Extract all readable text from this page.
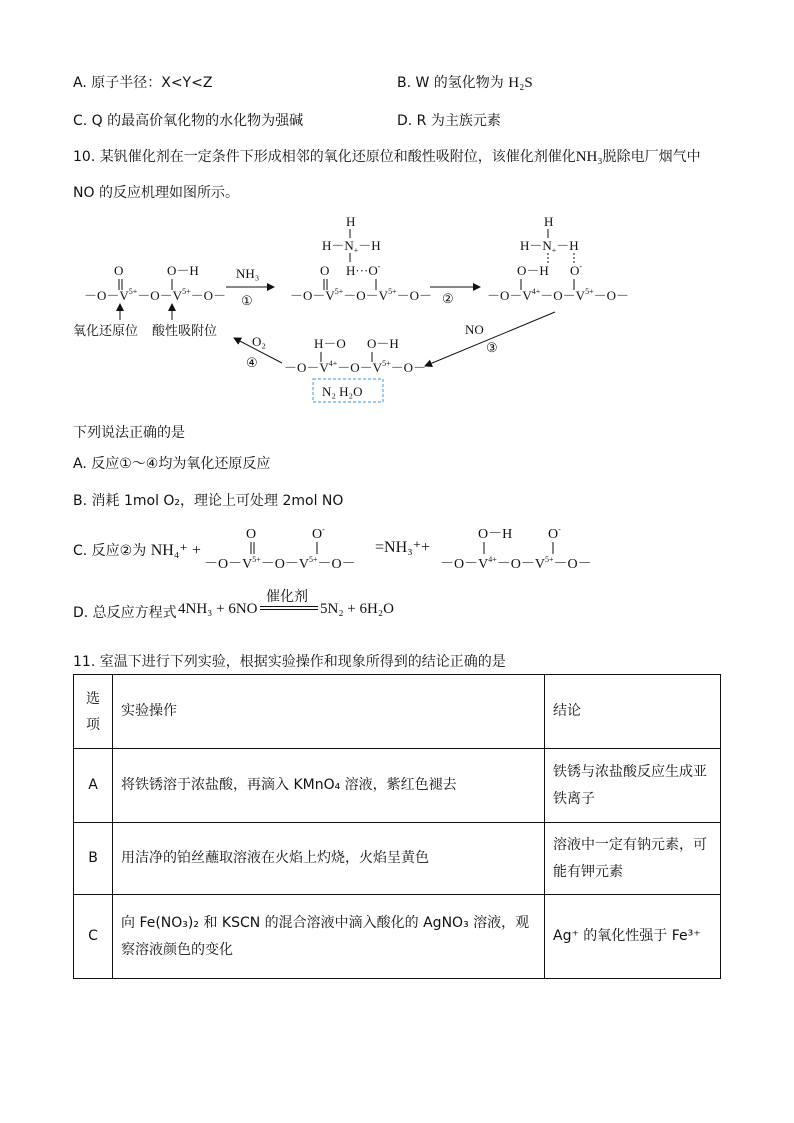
A. 原子半径：X<Y<Z	B. W 的氢化物为 H₂S
C. Q 的最高价氧化物的水化物为强碱	D. R 为主族元素
10. 某钒催化剂在一定条件下形成相邻的氧化还原位和酸性吸附位，该催化剂催化NH₃脱除电厂烟气中
NO 的反应机理如图所示。
O	O－H
$-O-V^{5+}-O-V^{5+}-O-$
氧化还原位 酸性吸附位
NH₃
①
H
$H-N_+-H$
H···O-
O
$-O-V^{5+}-O-V^{5+}-O-$ ②
H
$H-N_+-H$
O－H O-
$-O-V^{4+}-O-V^{5+}-O-$
NO
③
H－O O－H
$-O-V^{4+}-O-V^{5+}-O-$
N₂ H₂O
O₂
④
下列说法正确的是
A. 反应①～④均为氧化还原反应
B. 消耗 1mol O₂，理论上可处理 2mol NO
C. 反应②为 NH₄⁺ +
O	O-
$-O-V^{5+}-O-V^{5+}-O-$
=NH₃⁺+
O－H	O-
$-O-V^{4+}-O-V^{5+}-O-$
D. 总反应方程式 4NH₃ + 6NO
催化剂
5N₂ + 6H₂O
11. 室温下进行下列实验，根据实验操作和现象所得到的结论正确的是
选项	实验操作	结论
A	将铁锈溶于浓盐酸，再滴入 KMnO₄ 溶液，紫红色褪去	铁锈与浓盐酸反应生成亚铁离子
B	用洁净的铂丝蘸取溶液在火焰上灼烧，火焰呈黄色	溶液中一定有钠元素，可能有钾元素
C	向 Fe(NO₃)₂ 和 KSCN 的混合溶液中滴入酸化的 AgNO₃ 溶液，观察溶液颜色的变化	Ag⁺ 的氧化性强于 Fe³⁺
